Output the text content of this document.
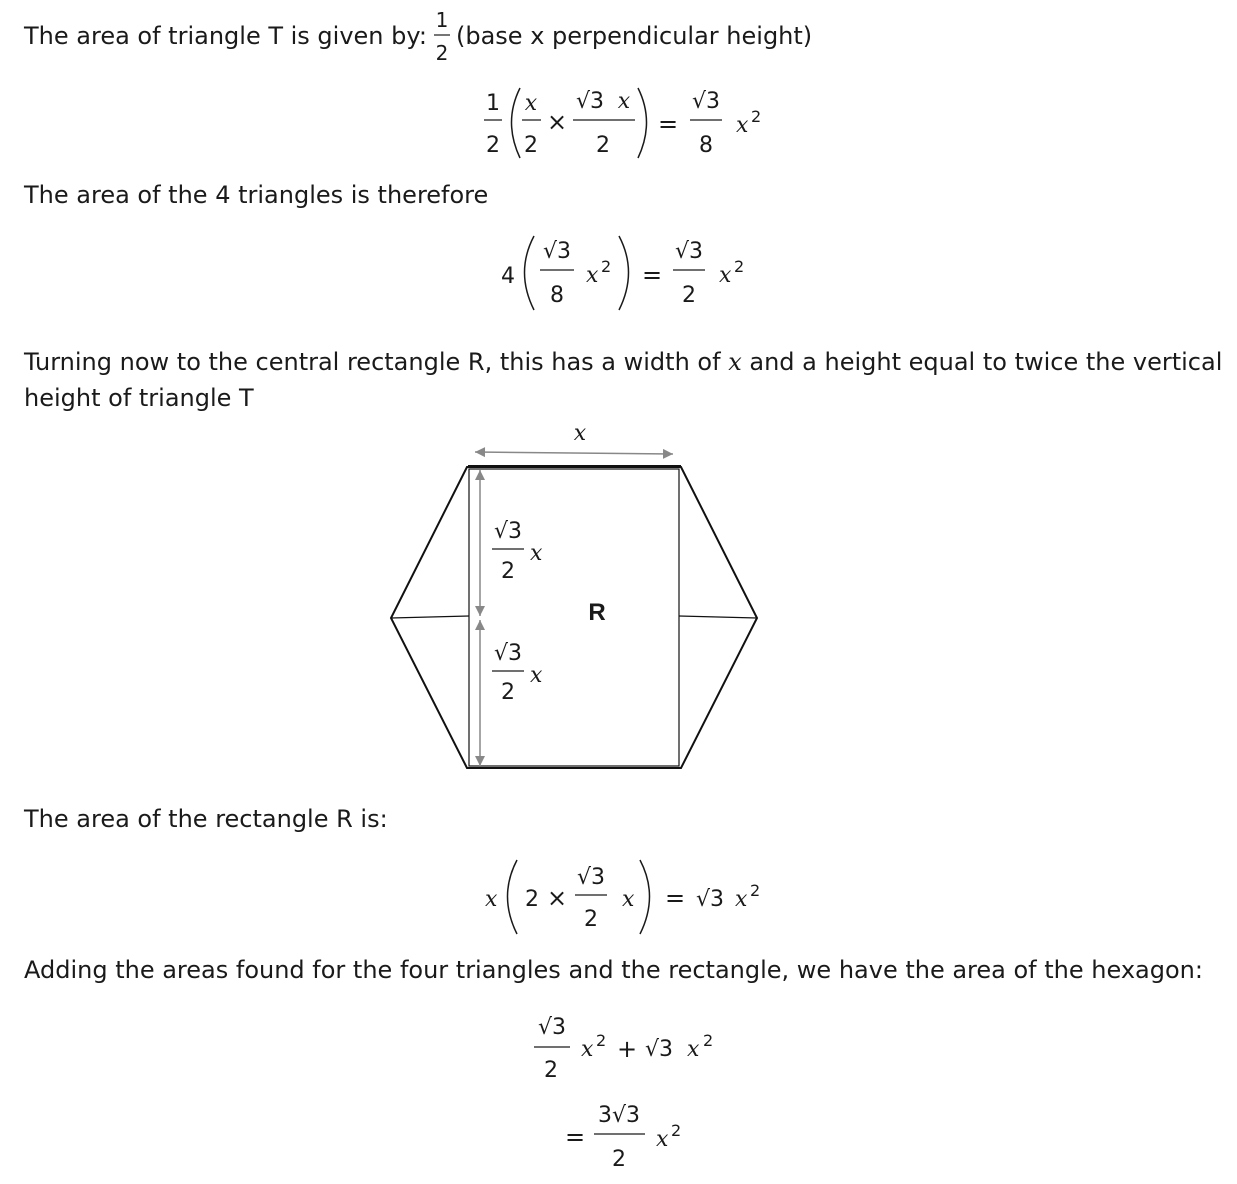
The area of triangle T is given by:
1
2
1
2
x
2
×
√3 x
2
=
√3
8
x 2
4
√3
8
x 2 =
√3
2
x 2
x
√3
2
x
R
√3
2
x
x 2 ×
√3
2
x = √3 x 2
√3
2
x 2 + √3 x 2
=
3√3
2
x 2
(base x perpendicular height)
The area of the 4 triangles is therefore
Turning now to the central rectangle R, this has a width of x and a height equal to twice the vertical
height of triangle T
The area of the rectangle R is:
Adding the areas found for the four triangles and the rectangle, we have the area of the hexagon:
